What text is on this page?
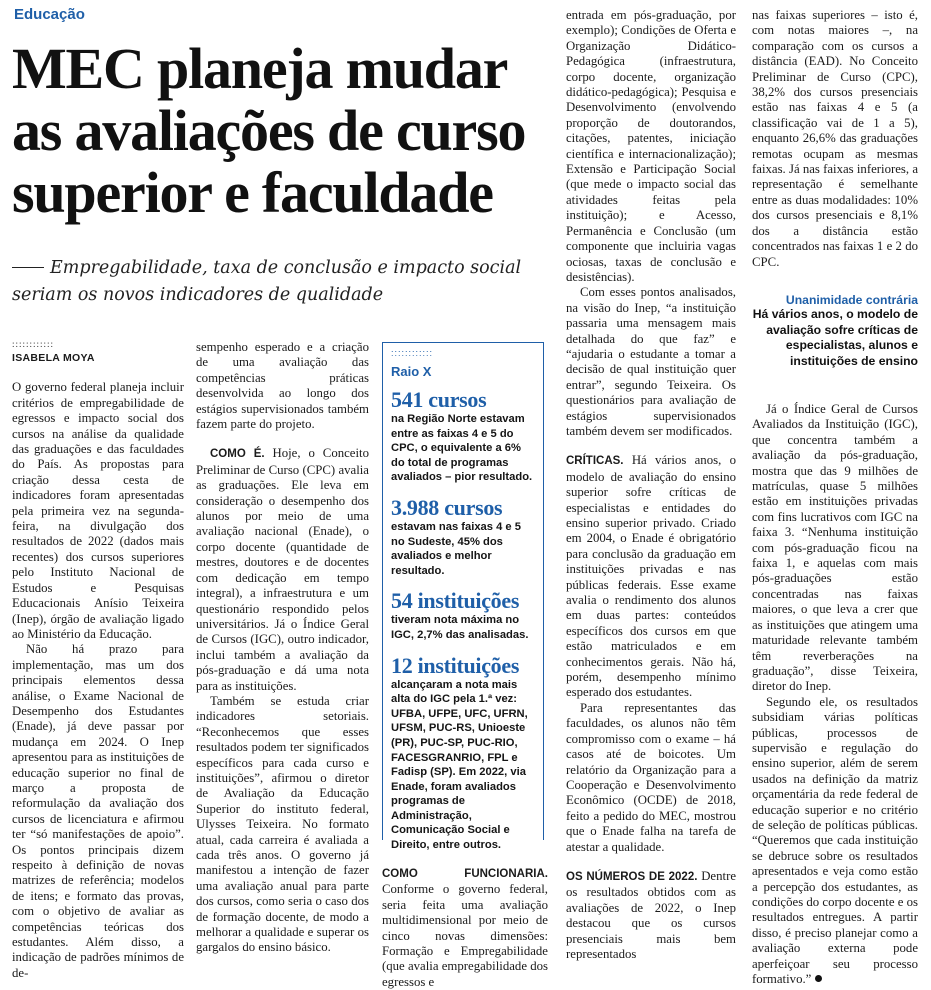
Educação
MEC planeja mudar as avaliações de curso superior e faculdade

Empregabilidade, taxa de conclusão e impacto social seriam os novos indicadores de qualidade

::::::::::::
ISABELA MOYA

O governo federal planeja incluir critérios de empregabilidade de egressos e impacto social dos cursos na análise da qualidade das graduações e das faculdades do País. As propostas para criação dessa cesta de indicadores foram apresentadas pela primeira vez na segunda-feira, na divulgação dos resultados de 2022 (dados mais recentes) dos cursos superiores pelo Instituto Nacional de Estudos e Pesquisas Educacionais Anísio Teixeira (Inep), órgão de avaliação ligado ao Ministério da Educação.

Não há prazo para implementação, mas um dos principais elementos dessa análise, o Exame Nacional de Desempenho dos Estudantes (Enade), já deve passar por mudança em 2024. O Inep apresentou para as instituições de educação superior no final de março a proposta de reformulação da avaliação dos cursos de licenciatura e afirmou ter “só manifestações de apoio”. Os pontos principais dizem respeito à definição de novas matrizes de referência; modelos de itens; e formato das provas, com o objetivo de avaliar as competências teóricas dos estudantes. Além disso, a indicação de padrões mínimos de de-

sempenho esperado e a criação de uma avaliação das competências práticas desenvolvida ao longo dos estágios supervisionados também fazem parte do projeto.

COMO É. Hoje, o Conceito Preliminar de Curso (CPC) avalia as graduações. Ele leva em consideração o desempenho dos alunos por meio de uma avaliação nacional (Enade), o corpo docente (quantidade de mestres, doutores e de docentes com dedicação em tempo integral), a infraestrutura e um questionário respondido pelos universitários. Já o Índice Geral de Cursos (IGC), outro indicador, inclui também a avaliação da pós-graduação e dá uma nota para as instituições.

Também se estuda criar indicadores setoriais. “Reconhecemos que esses resultados podem ter significados específicos para cada curso e instituições”, afirmou o diretor de Avaliação da Educação Superior do instituto federal, Ulysses Teixeira. No formato atual, cada carreira é avaliada a cada três anos. O governo já manifestou a intenção de fazer uma avaliação anual para parte dos cursos, como seria o caso dos de formação docente, de modo a melhorar a qualidade e superar os gargalos do ensino básico.

::::::::::::
Raio X
541 cursos
na Região Norte estavam entre as faixas 4 e 5 do CPC, o equivalente a 6% do total de programas avaliados – pior resultado.
3.988 cursos
estavam nas faixas 4 e 5 no Sudeste, 45% dos avaliados e melhor resultado.
54 instituições
tiveram nota máxima no IGC, 2,7% das analisadas.
12 instituições
alcançaram a nota mais alta do IGC pela 1.ª vez: UFBA, UFPE, UFC, UFRN, UFSM, PUC-RS, Unioeste (PR), PUC-SP, PUC-RIO, FACESGRANRIO, FPL e Fadisp (SP). Em 2022, via Enade, foram avaliados programas de Administração, Comunicação Social e Direito, entre outros.

COMO FUNCIONARIA. Conforme o governo federal, seria feita uma avaliação multidimensional por meio de cinco novas dimensões: Formação e Empregabilidade (que avalia empregabilidade dos egressos e

entrada em pós-graduação, por exemplo); Condições de Oferta e Organização Didático-Pedagógica (infraestrutura, corpo docente, organização didático-pedagógica); Pesquisa e Desenvolvimento (envolvendo proporção de doutorandos, citações, patentes, iniciação científica e internacionalização); Extensão e Participação Social (que mede o impacto social das atividades feitas pela instituição); e Acesso, Permanência e Conclusão (um componente que incluiria vagas ociosas, taxas de conclusão e desistências).

Com esses pontos analisados, na visão do Inep, “a instituição passaria uma mensagem mais detalhada do que faz” e “ajudaria o estudante a tomar a decisão de qual instituição quer entrar”, segundo Teixeira. Os questionários para avaliação de estágios supervisionados também devem ser modificados.

CRÍTICAS. Há vários anos, o modelo de avaliação do ensino superior sofre críticas de especialistas e entidades do ensino superior privado. Criado em 2004, o Enade é obrigatório para conclusão da graduação em instituições privadas e nas públicas federais. Esse exame avalia o rendimento dos alunos em duas partes: conteúdos específicos dos cursos em que estão matriculados e em conhecimentos gerais. Não há, porém, desempenho mínimo esperado dos estudantes.

Para representantes das faculdades, os alunos não têm compromisso com o exame – há casos até de boicotes. Um relatório da Organização para a Cooperação e Desenvolvimento Econômico (OCDE) de 2018, feito a pedido do MEC, mostrou que o Enade falha na tarefa de atestar a qualidade.

OS NÚMEROS DE 2022. Dentre os resultados obtidos com as avaliações de 2022, o Inep destacou que os cursos presenciais mais bem representados

nas faixas superiores – isto é, com notas maiores –, na comparação com os cursos a distância (EAD). No Conceito Preliminar de Curso (CPC), 38,2% dos cursos presenciais estão nas faixas 4 e 5 (a classificação vai de 1 a 5), enquanto 26,6% das graduações remotas ocupam as mesmas faixas. Já nas faixas inferiores, a representação é semelhante entre as duas modalidades: 10% dos cursos presenciais e 8,1% dos a distância estão concentrados nas faixas 1 e 2 do CPC.

Unanimidade contrária
Há vários anos, o modelo de avaliação sofre críticas de especialistas, alunos e instituições de ensino

Já o Índice Geral de Cursos Avaliados da Instituição (IGC), que concentra também a avaliação da pós-graduação, mostra que das 9 milhões de matrículas, quase 5 milhões estão em instituições privadas com fins lucrativos com IGC na faixa 3. “Nenhuma instituição com pós-graduação ficou na faixa 1, e aquelas com mais pós-graduações estão concentradas nas faixas maiores, o que leva a crer que as instituições que atingem uma maturidade relevante também têm reverberações na graduação”, disse Teixeira, diretor do Inep.

Segundo ele, os resultados subsidiam várias políticas públicas, processos de supervisão e regulação do ensino superior, além de serem usados na definição da matriz orçamentária da rede federal de educação superior e no critério de seleção de políticas públicas. “Queremos que cada instituição se debruce sobre os resultados apresentados e veja como estão a percepção dos estudantes, as condições do corpo docente e os resultados entregues. A partir disso, é preciso planejar como a avaliação externa pode aperfeiçoar seu processo formativo.”
